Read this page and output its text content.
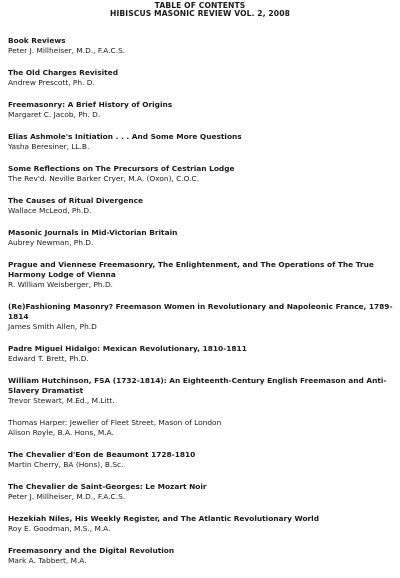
TABLE OF CONTENTS
HIBISCUS MASONIC REVIEW VOL. 2, 2008
Book Reviews
Peter J. Millheiser, M.D., F.A.C.S.
The Old Charges Revisited
Andrew Prescott, Ph. D.
Freemasonry: A Brief History of Origins
Margaret C. Jacob, Ph. D.
Elias Ashmole's Initiation . . . And Some More Questions
Yasha Beresiner, LL.B.
Some Reflections on The Precursors of Cestrian Lodge
The Rev'd. Neville Barker Cryer, M.A. (Oxon), C.O.C.
The Causes of Ritual Divergence
Wallace McLeod, Ph.D.
Masonic Journals in Mid-Victorian Britain
Aubrey Newman, Ph.D.
Prague and Viennese Freemasonry, The Enlightenment, and The Operations of The True Harmony Lodge of Vienna
R. William Weisberger, Ph.D.
(Re)Fashioning Masonry? Freemason Women in Revolutionary and Napoleonic France, 1789-1814
James Smith Allen, Ph.D
Padre Miguel Hidalgo: Mexican Revolutionary, 1810-1811
Edward T. Brett, Ph.D.
William Hutchinson, FSA (1732-1814): An Eighteenth-Century English Freemason and Anti-Slavery Dramatist
Trevor Stewart, M.Ed., M.Litt.
Thomas Harper: Jeweller of Fleet Street, Mason of London
Alison Royle, B.A. Hons, M.A.
The Chevalier d'Eon de Beaumont 1728-1810
Martin Cherry, BA (Hons), B.Sc.
The Chevalier de Saint-Georges: Le Mozart Noir
Peter J. Millheiser, M.D., F.A.C.S.
Hezekiah Niles, His Weekly Register, and The Atlantic Revolutionary World
Roy E. Goodman, M.S., M.A.
Freemasonry and the Digital Revolution
Mark A. Tabbert, M.A.
